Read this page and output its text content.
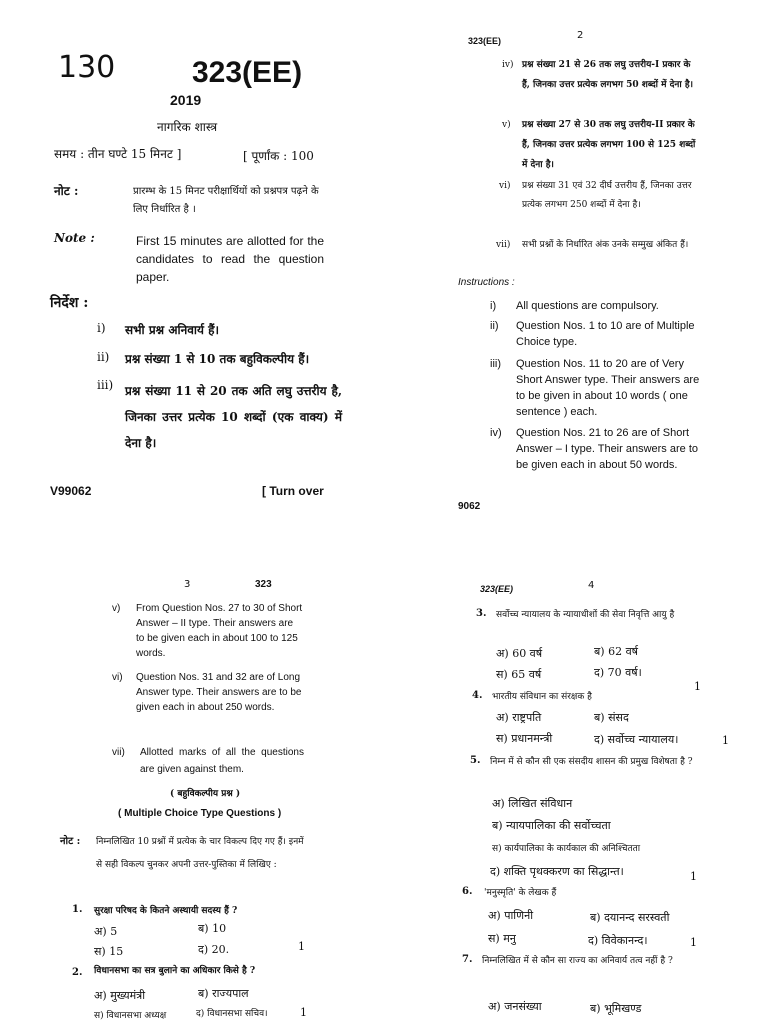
130	323(EE)
2019
नागरिक शास्त्र
समय : तीन घण्टे 15 मिनट ]	[ पूर्णांक : 100
नोट :	प्रारम्भ के 15 मिनट परीक्षार्थियों को प्रश्नपत्र पढ़ने के लिए निर्धारित है ।
Note :	First 15 minutes are allotted for the candidates to read the question paper.
निर्देश :
i)	सभी प्रश्न अनिवार्य हैं।
ii)	प्रश्न संख्या 1 से 10 तक बहुविकल्पीय हैं।
iii) प्रश्न संख्या 11 से 20 तक अति लघु उत्तरीय है, जिनका उत्तर प्रत्येक 10 शब्दों (एक वाक्य) में देना है।
V99062	[ Turn over
323(EE)	2
iv) प्रश्न संख्या 21 से 26 तक लघु उत्तरीय-I प्रकार के हैं, जिनका उत्तर प्रत्येक लगभग 50 शब्दों में देना है।
v)	प्रश्न संख्या 27 से 30 तक लघु उत्तरीय-II प्रकार के हैं, जिनका उत्तर प्रत्येक लगभग 100 से 125 शब्दों में देना है।
vi)	प्रश्न संख्या 31 एवं 32 दीर्घ उत्तरीय हैं, जिनका उत्तर प्रत्येक लगभग 250 शब्दों में देना है।
vii)	सभी प्रश्नों के निर्धारित अंक उनके सम्मुख अंकित हैं।
Instructions :
i)	All questions are compulsory.
ii)	Question Nos. 1 to 10 are of Multiple Choice type.
iii)	Question Nos. 11 to 20 are of Very Short Answer type. Their answers are to be given in about 10 words ( one sentence ) each.
iv)	Question Nos. 21 to 26 are of Short Answer – I type. Their answers are to be given each in about 50 words.
9062
3	323
v)	From Question Nos. 27 to 30 of Short Answer – II type. Their answers are to be given each in about 100 to 125 words.
vi)	Question Nos. 31 and 32 are of Long Answer type. Their answers are to be given each in about 250 words.
vii)	Allotted marks of all the questions are given against them.
( बहुविकल्पीय प्रश्न )
( Multiple Choice Type Questions )
नोट : निम्नलिखित 10 प्रश्नों में प्रत्येक के चार विकल्प दिए गए हैं। इनमें से सही विकल्प चुनकर अपनी उत्तर-पुस्तिका में लिखिए :
1. सुरक्षा परिषद के कितने अस्थायी सदस्य हैं ?
अ) 5	ब) 10
स) 15	द) 20.	1
2. विधानसभा का सत्र बुलाने का अधिकार किसे है ?
अ) मुख्यमंत्री	ब) राज्यपाल
स) विधानसभा अध्यक्ष	द) विधानसभा सचिव।	1
323(EE)	4
3. सर्वोच्च न्यायालय के न्यायाधीशों की सेवा निवृत्ति आयु है
अ) 60 वर्ष	ब) 62 वर्ष
स) 65 वर्ष	द) 70 वर्ष।
1
4. भारतीय संविधान का संरक्षक है
अ) राष्ट्रपति	ब) संसद
स) प्रधानमन्त्री	द) सर्वोच्च न्यायालय।	1
5. निम्न में से कौन सी एक संसदीय शासन की प्रमुख विशेषता है ?
अ) लिखित संविधान
ब) न्यायपालिका की सर्वोच्चता
स) कार्यपालिका के कार्यकाल की अनिश्चितता
द) शक्ति पृथक्करण का सिद्धान्त।	1
6. 'मनुस्मृति' के लेखक हैं
अ) पाणिनी	ब) दयानन्द सरस्वती
स) मनु	द) विवेकानन्द।	1
7. निम्नलिखित में से कौन सा राज्य का अनिवार्य तत्व नहीं है ?
अ) जनसंख्या	ब) भूमिखण्ड
